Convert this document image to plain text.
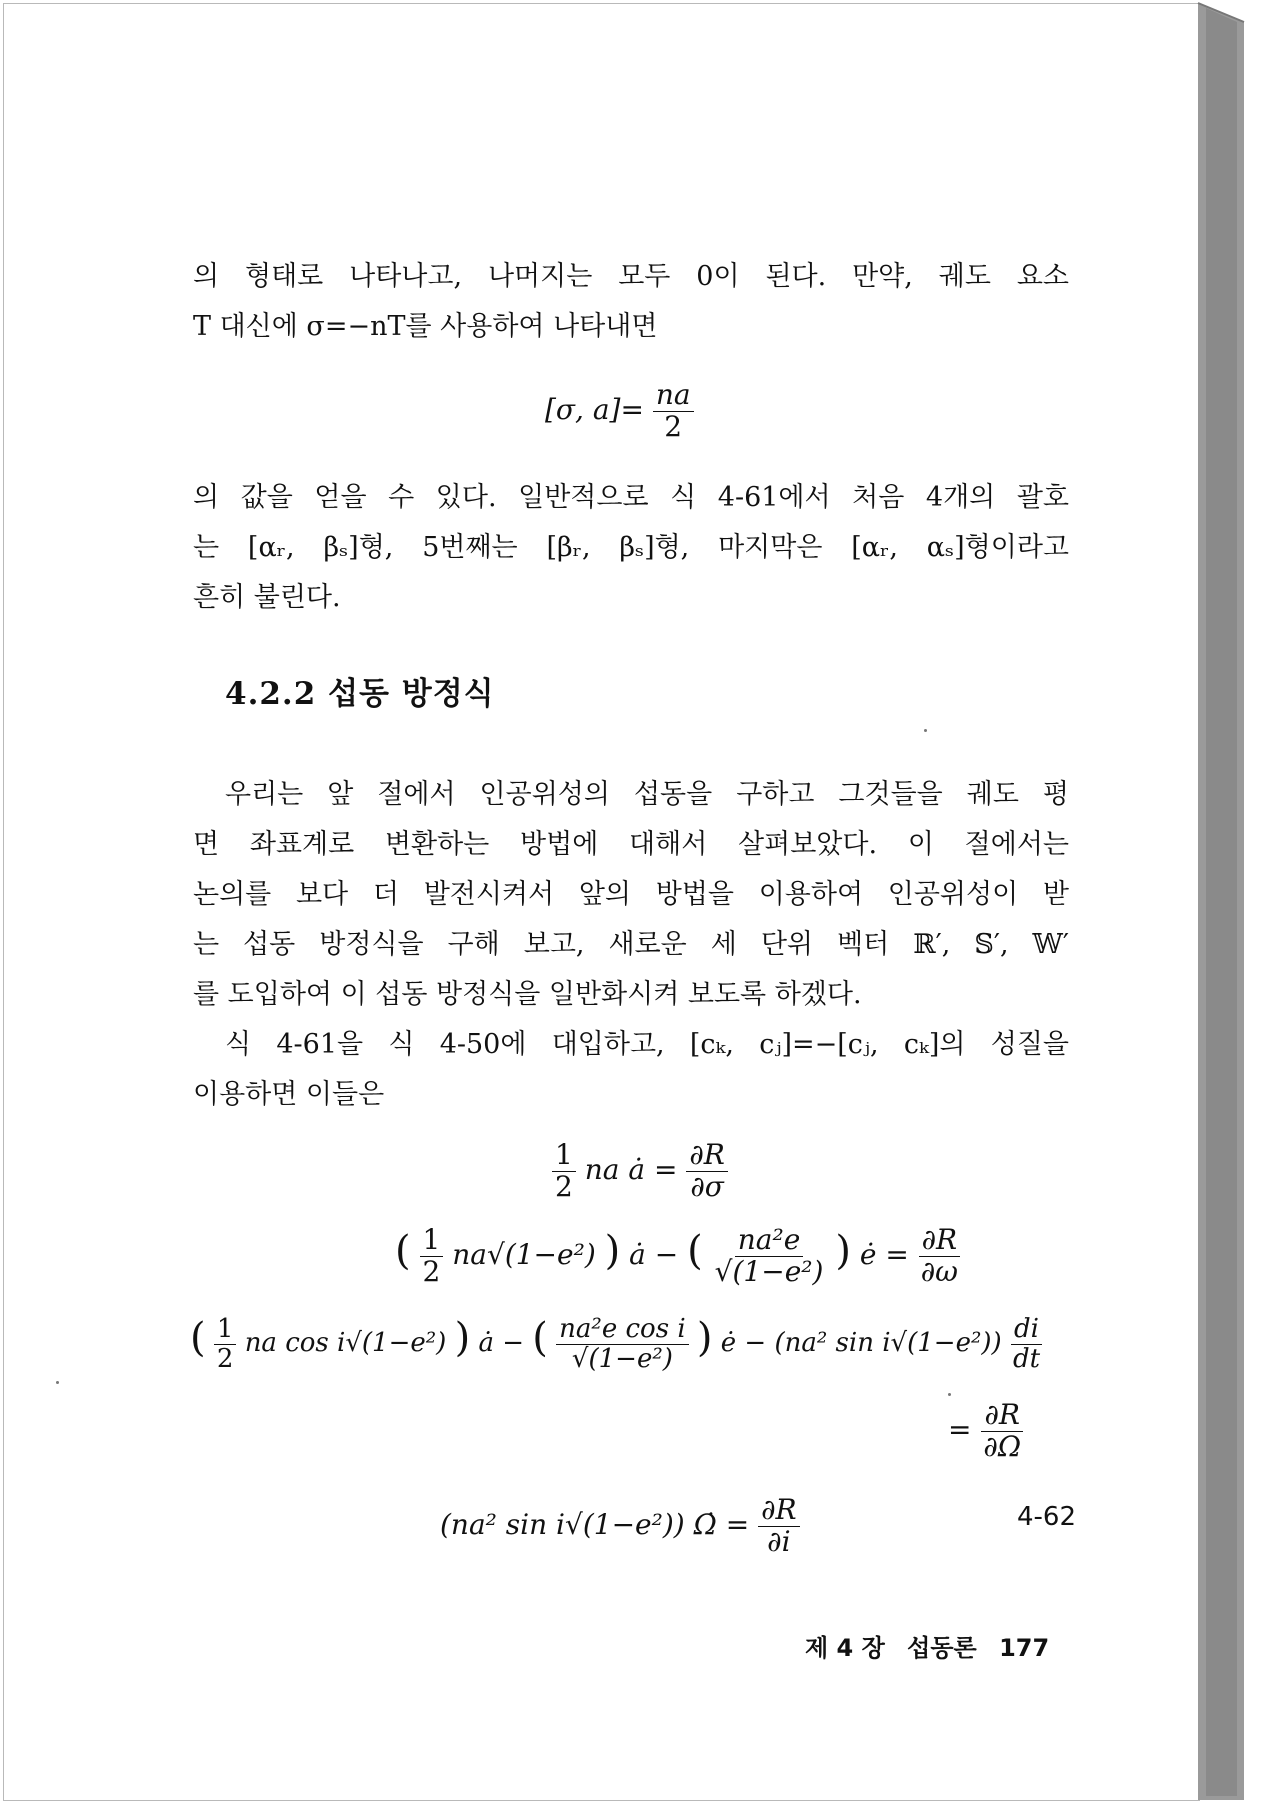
의 형태로 나타나고, 나머지는 모두 0이 된다. 만약, 궤도 요소

T 대신에 σ=−nT를 사용하여 나타내면

[σ, $a]= \frac{na}{2}$

의 값을 얻을 수 있다. 일반적으로 식 4-61에서 처음 4개의 괄호

는 [αᵣ, βₛ]형, 5번째는 [βᵣ, βₛ]형, 마지막은 [αᵣ, αₛ]형이라고

흔히 불린다.

4.2.2 섭동 방정식

우리는 앞 절에서 인공위성의 섭동을 구하고 그것들을 궤도 평

면 좌표계로 변환하는 방법에 대해서 살펴보았다. 이 절에서는

논의를 보다 더 발전시켜서 앞의 방법을 이용하여 인공위성이 받

는 섭동 방정식을 구해 보고, 새로운 세 단위 벡터 ℝ′, 𝕊′, 𝕎′

를 도입하여 이 섭동 방정식을 일반화시켜 보도록 하겠다.

식 4-61을 식 4-50에 대입하고, [cₖ, cⱼ]=−[cⱼ, cₖ]의 성질을

이용하면 이들은

$\frac{1}{2}$ na ȧ = $\frac{\partial R}{\partial\sigma}$
( $\frac{1}{2} na√(1-e^2)$ ) ȧ − ( $\frac{\text{na²e}}{\text{√(1−e²)}}$ ) ė = $\frac{\partial R}{\partial\omega}$
( $\frac{1}{2}$ na cos i√(1−e²) ) ȧ − ( $\frac{\text{na²e cos i}}{\text{√(1−e²)}}$ ) ė − (na² $\sin i√(1-e^2)) \frac{di}{dt}$
= $\frac{\partial R}{\partial\Omega}$
(na² sin i√(1−e²)) Ω̇ = $\frac{\partial R}{\partial i}$	4-62
제 4 장 섭동론 177
